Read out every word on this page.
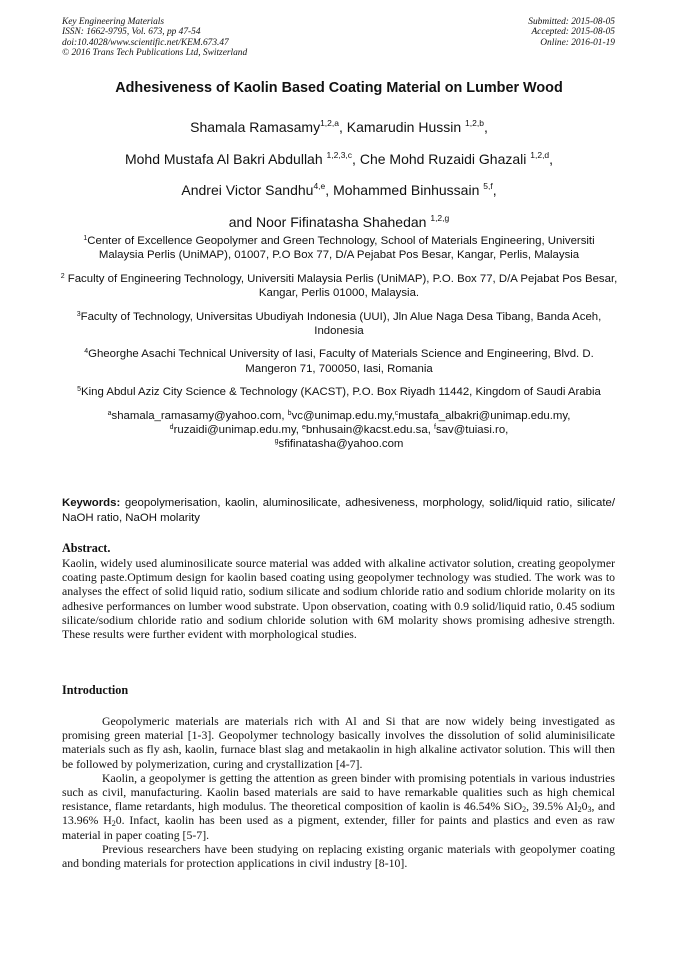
Key Engineering Materials
ISSN: 1662-9795, Vol. 673, pp 47-54
doi:10.4028/www.scientific.net/KEM.673.47
© 2016 Trans Tech Publications Ltd, Switzerland
Submitted: 2015-08-05
Accepted: 2015-08-05
Online: 2016-01-19
Adhesiveness of Kaolin Based Coating Material on Lumber Wood
Shamala Ramasamy$^{1,2,a}$, Kamarudin Hussin $^{1,2,b}$,
Mohd Mustafa Al Bakri Abdullah $^{1,2,3,c}$, Che Mohd Ruzaidi Ghazali $^{1,2,d}$,
Andrei Victor Sandhu$^{4,e}$, Mohammed Binhussain $^{5,f}$,
and Noor Fifinatasha Shahedan $^{1,2,g}$
$^1$Center of Excellence Geopolymer and Green Technology, School of Materials Engineering, Universiti Malaysia Perlis (UniMAP), 01007, P.O Box 77, D/A Pejabat Pos Besar, Kangar, Perlis, Malaysia
$^2$ Faculty of Engineering Technology, Universiti Malaysia Perlis (UniMAP), P.O. Box 77, D/A Pejabat Pos Besar, Kangar, Perlis 01000, Malaysia.
$^3$Faculty of Technology, Universitas Ubudiyah Indonesia (UUI), Jln Alue Naga Desa Tibang, Banda Aceh, Indonesia
$^4$Gheorghe Asachi Technical University of Iasi, Faculty of Materials Science and Engineering, Blvd. D. Mangeron 71, 700050, Iasi, Romania
$^5$King Abdul Aziz City Science & Technology (KACST), P.O. Box Riyadh 11442, Kingdom of Saudi Arabia
$^a$shamala_ramasamy@yahoo.com, $^b$vc@unimap.edu.my,$^c$mustafa_albakri@unimap.edu.my,
$^d$ruzaidi@unimap.edu.my, $^e$bnhusain@kacst.edu.sa, $^f$sav@tuiasi.ro,
$^g$sfifinatasha@yahoo.com
Keywords: geopolymerisation, kaolin, aluminosilicate, adhesiveness, morphology, solid/liquid ratio, silicate/ NaOH ratio, NaOH molarity
Abstract.

Kaolin, widely used aluminosilicate source material was added with alkaline activator solution, creating geopolymer coating paste.Optimum design for kaolin based coating using geopolymer technology was studied. The work was to analyses the effect of solid liquid ratio, sodium silicate and sodium chloride ratio and sodium chloride molarity on its adhesive performances on lumber wood substrate. Upon observation, coating with 0.9 solid/liquid ratio, 0.45 sodium silicate/sodium chloride ratio and sodium chloride solution with 6M molarity shows promising adhesive strength. These results were further evident with morphological studies.

Introduction

Geopolymeric materials are materials rich with Al and Si that are now widely being investigated as promising green material [1-3]. Geopolymer technology basically involves the dissolution of solid aluminisilicate materials such as fly ash, kaolin, furnace blast slag and metakaolin in high alkaline activator solution. This will then be followed by polymerization, curing and crystallization [4-7].

Kaolin, a geopolymer is getting the attention as green binder with promising potentials in various industries such as civil, manufacturing. Kaolin based materials are said to have remarkable qualities such as high chemical resistance, flame retardants, high modulus. The theoretical composition of kaolin is 46.54% SiO$_2$, 39.5% $Al_20_3$, and 13.96% $H_20$. Infact, kaolin has been used as a pigment, extender, filler for paints and plastics and even as raw material in paper coating [5-7].

Previous researchers have been studying on replacing existing organic materials with geopolymer coating and bonding materials for protection applications in civil industry [8-10].
